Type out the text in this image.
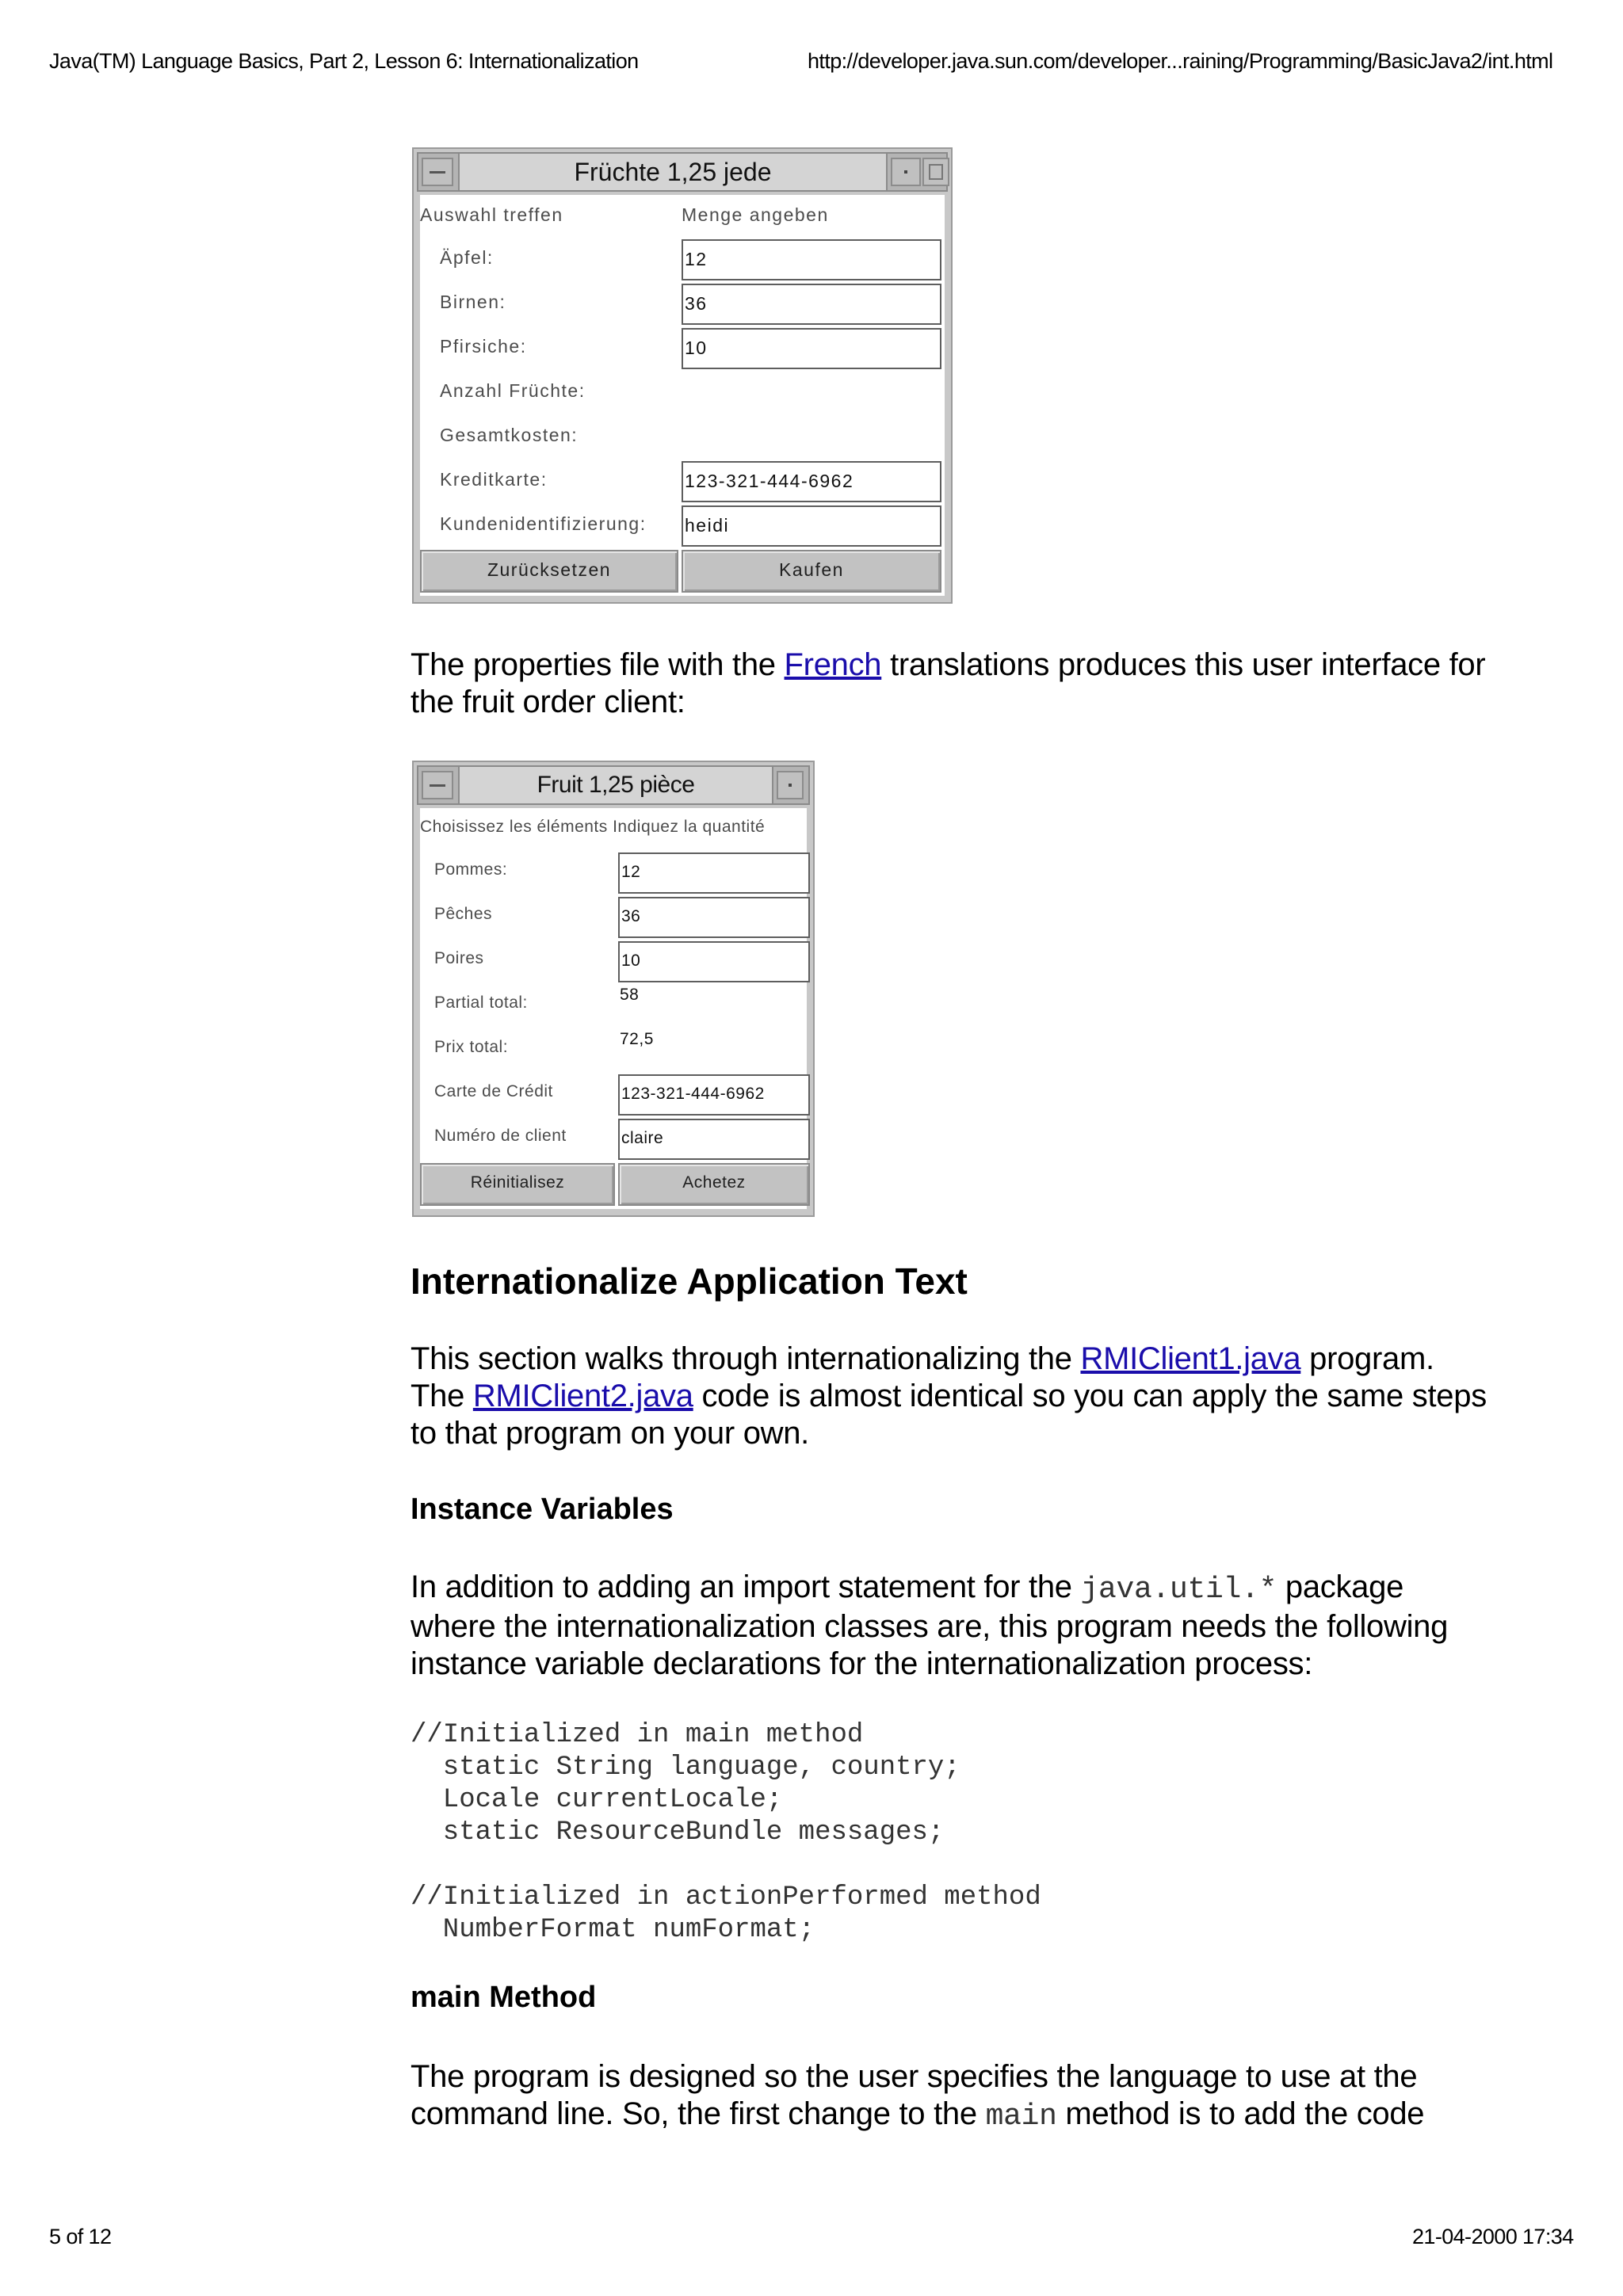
Java(TM) Language Basics, Part 2, Lesson 6: Internationalization	http://developer.java.sun.com/developer...raining/Programming/BasicJava2/int.html
Früchte 1,25 jede
Auswahl treffen	Menge angeben
Äpfel:	12
Birnen:	36
Pfirsiche:	10
Anzahl Früchte:
Gesamtkosten:
Kreditkarte:	123-321-444-6962
Kundenidentifizierung: heidi
Zurücksetzen	Kaufen
The properties file with the French translations produces this user interface for the fruit order client:
Fruit 1,25 pièce
Choisissez les éléments Indiquez la quantité
Pommes:	12
Pêches	36
Poires	10
Partial total:	58
Prix total:	72,5
Carte de Crédit	123-321-444-6962
Numéro de client	claire
Réinitialisez	Achetez
Internationalize Application Text
This section walks through internationalizing the RMIClient1.java program. The RMIClient2.java code is almost identical so you can apply the same steps to that program on your own.
Instance Variables
In addition to adding an import statement for the java.util.* package where the internationalization classes are, this program needs the following instance variable declarations for the internationalization process:
//Initialized in main method
static String language, country;
Locale currentLocale;
static ResourceBundle messages;

//Initialized in actionPerformed method
NumberFormat numFormat;
main Method
The program is designed so the user specifies the language to use at the command line. So, the first change to the main method is to add the code
5 of 12	21-04-2000 17:34
